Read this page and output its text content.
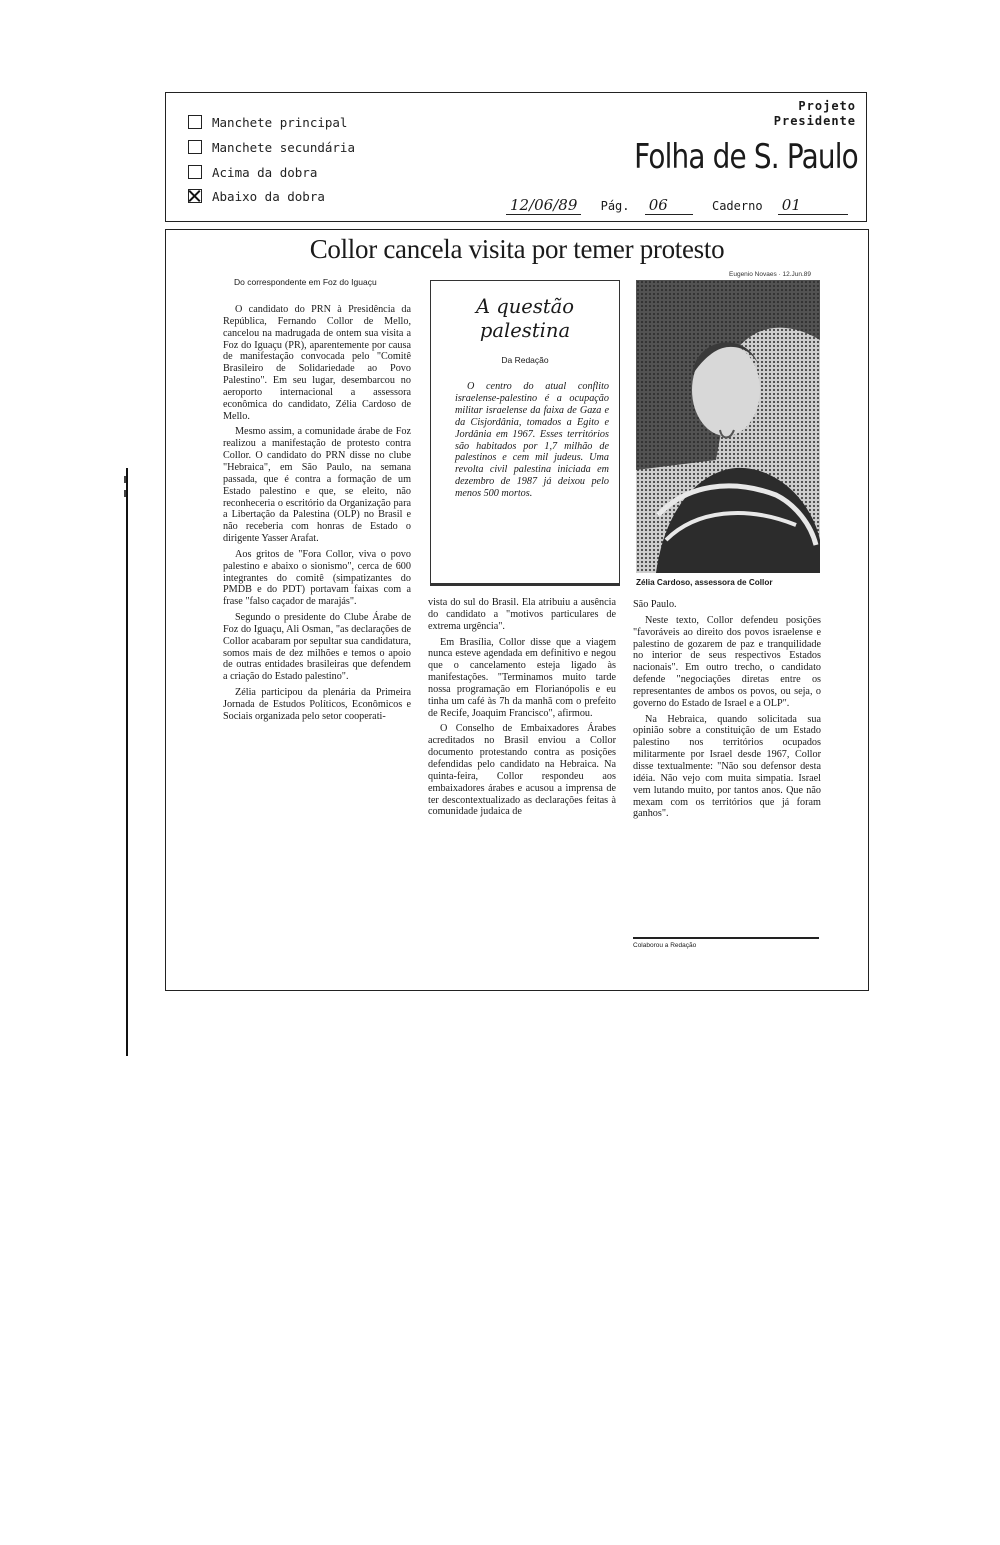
Manchete principal
Manchete secundária
Acima da dobra
Abaixo da dobra
Projeto
Presidente
Folha de S. Paulo
12/06/89 Pág. 06	Caderno 01
Collor cancela visita por temer protesto
Do correspondente em Foz do Iguaçu

O candidato do PRN à Presidência da República, Fernando Collor de Mello, cancelou na madrugada de ontem sua visita a Foz do Iguaçu (PR), aparentemente por causa de manifestação convocada pelo "Comitê Brasileiro de Solidariedade ao Povo Palestino". Em seu lugar, desembarcou no aeroporto internacional a assessora econômica do candidato, Zélia Cardoso de Mello.

Mesmo assim, a comunidade árabe de Foz realizou a manifestação de protesto contra Collor. O candidato do PRN disse no clube "Hebraica", em São Paulo, na semana passada, que é contra a formação de um Estado palestino e que, se eleito, não reconheceria o escritório da Organização para a Libertação da Palestina (OLP) no Brasil e não receberia com honras de Estado o dirigente Yasser Arafat.

Aos gritos de "Fora Collor, viva o povo palestino e abaixo o sionismo", cerca de 600 integrantes do comitê (simpatizantes do PMDB e do PDT) portavam faixas com a frase "falso caçador de marajás".

Segundo o presidente do Clube Árabe de Foz do Iguaçu, Ali Osman, "as declarações de Collor acabaram por sepultar sua candidatura, somos mais de dez milhões e temos o apoio de outras entidades brasileiras que defendem a criação do Estado palestino".

Zélia participou da plenária da Primeira Jornada de Estudos Políticos, Econômicos e Sociais organizada pelo setor cooperati-

A questão palestina
Da Redação
O centro do atual conflito israelense-palestino é a ocupação militar israelense da faixa de Gaza e da Cisjordânia, tomados a Egito e Jordânia em 1967. Esses territórios são habitados por 1,7 milhão de palestinos e cem mil judeus. Uma revolta civil palestina iniciada em dezembro de 1987 já deixou pelo menos 500 mortos.

vista do sul do Brasil. Ela atribuiu a ausência do candidato a "motivos particulares de extrema urgência".

Em Brasília, Collor disse que a viagem nunca esteve agendada em definitivo e negou que o cancelamento esteja ligado às manifestações. "Terminamos muito tarde nossa programação em Florianópolis e eu tinha um café às 7h da manhã com o prefeito de Recife, Joaquim Francisco", afirmou.

O Conselho de Embaixadores Árabes acreditados no Brasil enviou a Collor documento protestando contra as posições defendidas pelo candidato na Hebraica. Na quinta-feira, Collor respondeu aos embaixadores árabes e acusou a imprensa de ter descontextualizado as declarações feitas à comunidade judaica de

Eugenio Novaes · 12.Jun.89
Zélia Cardoso, assessora de Collor

São Paulo.

Neste texto, Collor defendeu posições "favoráveis ao direito dos povos israelense e palestino de gozarem de paz e tranquilidade no interior de seus respectivos Estados nacionais". Em outro trecho, o candidato defende "negociações diretas entre os representantes de ambos os povos, ou seja, o governo do Estado de Israel e a OLP".

Na Hebraica, quando solicitada sua opinião sobre a constituição de um Estado palestino nos territórios ocupados militarmente por Israel desde 1967, Collor disse textualmente: "Não sou defensor desta idéia. Não vejo com muita simpatia. Israel vem lutando muito, por tantos anos. Que não mexam com os territórios que já foram ganhos".

Colaborou a Redação
